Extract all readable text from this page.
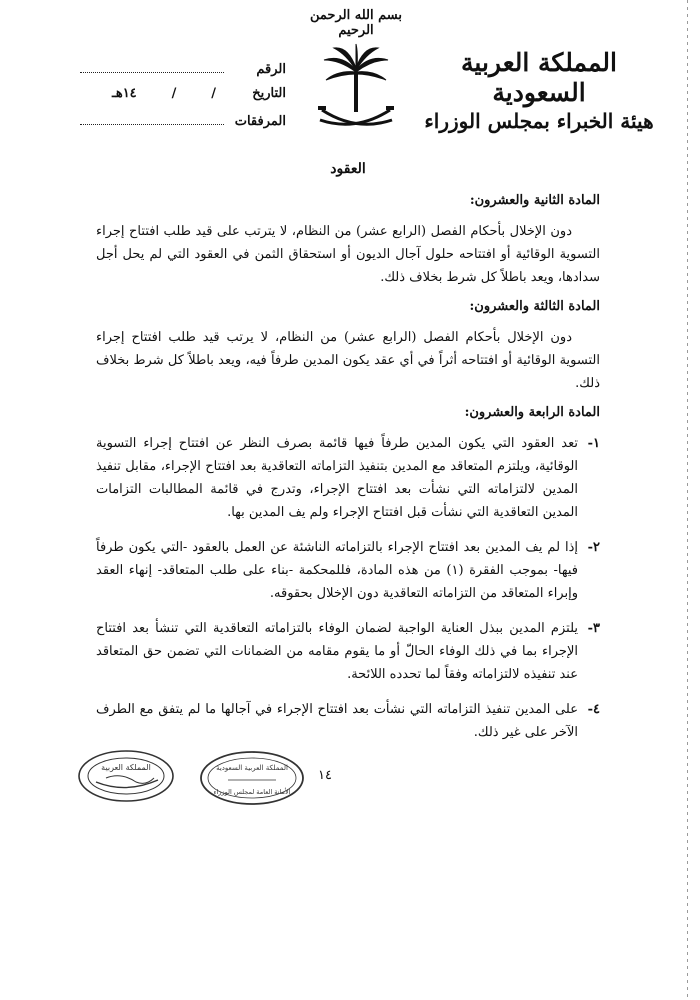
المملكة العربية السعودية
هيئة الخبراء بمجلس الوزراء
بسم الله الرحمن الرحيم
الرقم
التاريخ
/
/
١٤هـ
المرفقات
العقود
المادة الثانية والعشرون:

دون الإخلال بأحكام الفصل (الرابع عشر) من النظام، لا يترتب على قيد طلب افتتاح إجراء التسوية الوقائية أو افتتاحه حلول آجال الديون أو استحقاق الثمن في العقود التي لم يحل أجل سدادها، ويعد باطلاً كل شرط بخلاف ذلك.

المادة الثالثة والعشرون:

دون الإخلال بأحكام الفصل (الرابع عشر) من النظام، لا يرتب قيد طلب افتتاح إجراء التسوية الوقائية أو افتتاحه أثراً في أي عقد يكون المدين طرفاً فيه، ويعد باطلاً كل شرط بخلاف ذلك.

المادة الرابعة والعشرون:
١-
تعد العقود التي يكون المدين طرفاً فيها قائمة بصرف النظر عن افتتاح إجراء التسوية الوقائية، ويلتزم المتعاقد مع المدين بتنفيذ التزاماته التعاقدية بعد افتتاح الإجراء، مقابل تنفيذ المدين لالتزاماته التي نشأت بعد افتتاح الإجراء، وتدرج في قائمة المطالبات التزامات المدين التعاقدية التي نشأت قبل افتتاح الإجراء ولم يف المدين بها.
٢-
إذا لم يف المدين بعد افتتاح الإجراء بالتزاماته الناشئة عن العمل بالعقود -التي يكون طرفاً فيها- بموجب الفقرة (١) من هذه المادة، فللمحكمة -بناء على طلب المتعاقد- إنهاء العقد وإبراء المتعاقد من التزاماته التعاقدية دون الإخلال بحقوقه.
٣-
يلتزم المدين ببذل العناية الواجبة لضمان الوفاء بالتزاماته التعاقدية التي تنشأ بعد افتتاح الإجراء بما في ذلك الوفاء الحالّ أو ما يقوم مقامه من الضمانات التي تضمن حق المتعاقد عند تنفيذه لالتزاماته وفقاً لما تحدده اللائحة.
٤-
على المدين تنفيذ التزاماته التي نشأت بعد افتتاح الإجراء في آجالها ما لم يتفق مع الطرف الآخر على غير ذلك.
١٤
المملكة العربية	المملكة العربية السعودية
الأمانة العامة لمجلس الوزراء
